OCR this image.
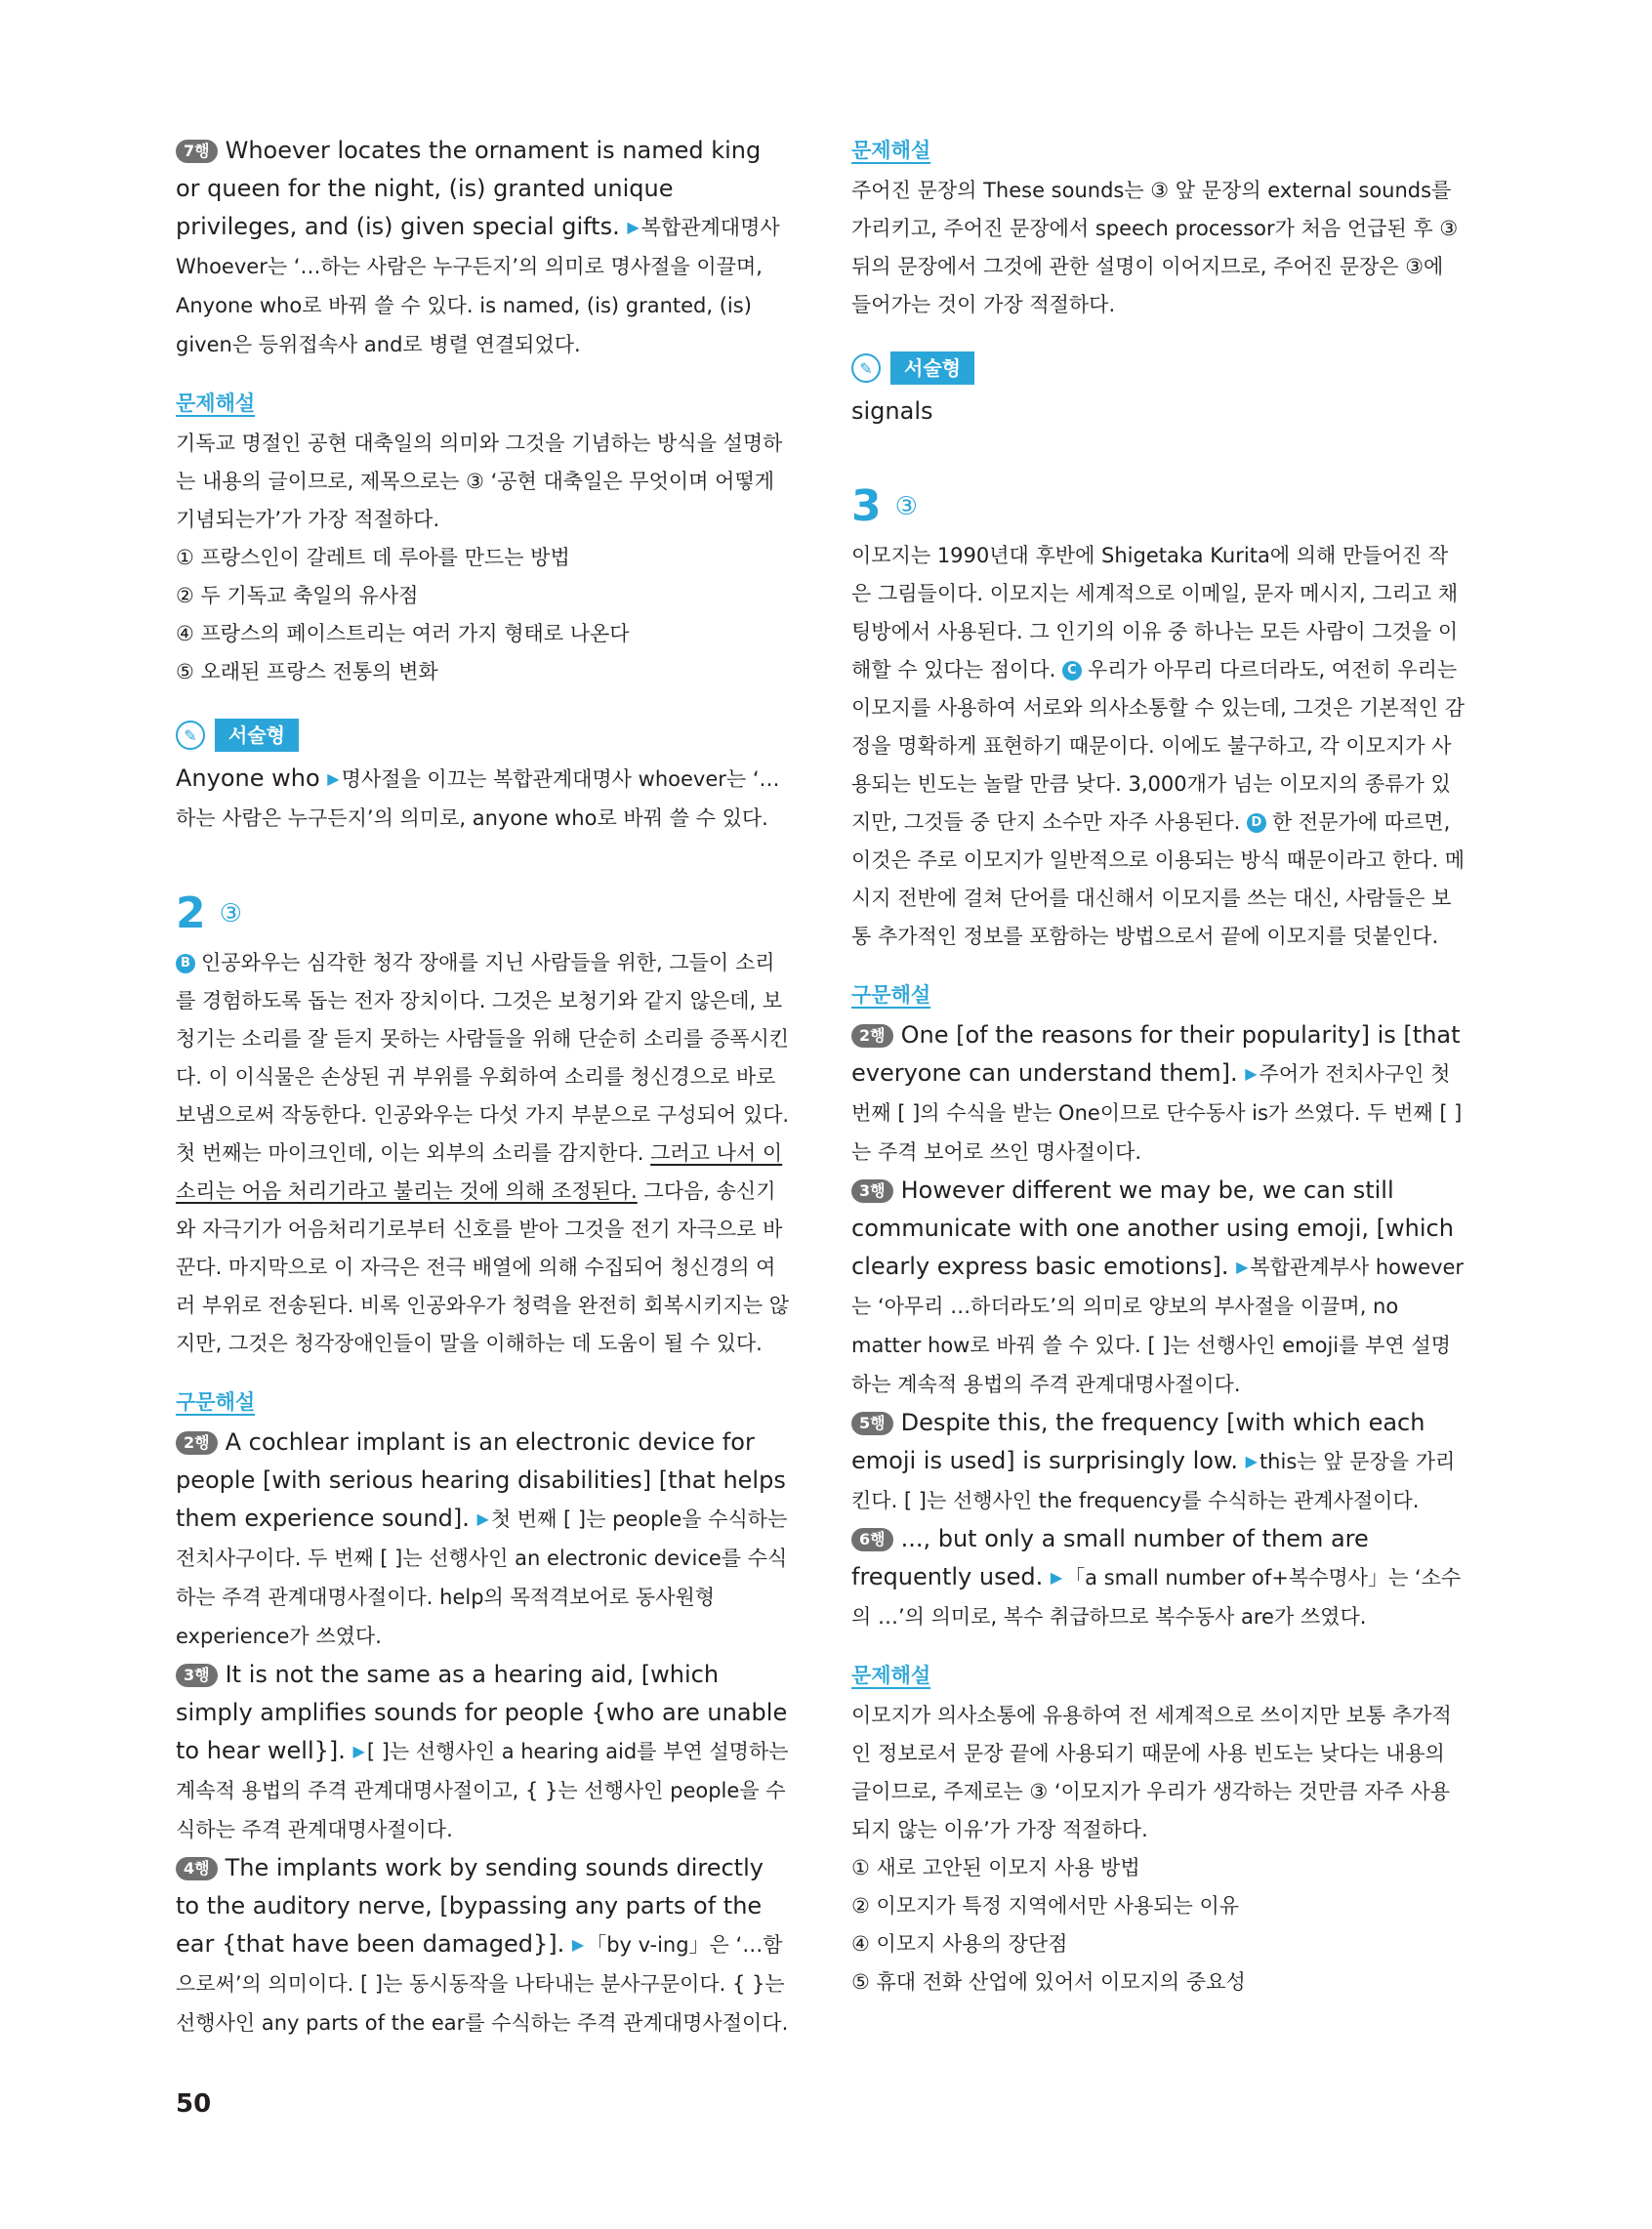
7행 Whoever locates the ornament is named king or queen for the night, (is) granted unique privileges, and (is) given special gifts. ▶복합관계대명사 Whoever는 ‘…하는 사람은 누구든지’의 의미로 명사절을 이끌며, Anyone who로 바꿔 쓸 수 있다. is named, (is) granted, (is) given은 등위접속사 and로 병렬 연결되었다.

문제해설

기독교 명절인 공현 대축일의 의미와 그것을 기념하는 방식을 설명하는 내용의 글이므로, 제목으로는 ③ ‘공현 대축일은 무엇이며 어떻게 기념되는가’가 가장 적절하다.

① 프랑스인이 갈레트 데 루아를 만드는 방법

② 두 기독교 축일의 유사점

④ 프랑스의 페이스트리는 여러 가지 형태로 나온다

⑤ 오래된 프랑스 전통의 변화

✎	서술형

Anyone who ▶명사절을 이끄는 복합관계대명사 whoever는 ‘…하는 사람은 누구든지’의 의미로, anyone who로 바꿔 쓸 수 있다.

2 ③

B 인공와우는 심각한 청각 장애를 지닌 사람들을 위한, 그들이 소리를 경험하도록 돕는 전자 장치이다. 그것은 보청기와 같지 않은데, 보청기는 소리를 잘 듣지 못하는 사람들을 위해 단순히 소리를 증폭시킨다. 이 이식물은 손상된 귀 부위를 우회하여 소리를 청신경으로 바로 보냄으로써 작동한다. 인공와우는 다섯 가지 부분으로 구성되어 있다. 첫 번째는 마이크인데, 이는 외부의 소리를 감지한다. 그러고 나서 이 소리는 어음 처리기라고 불리는 것에 의해 조정된다. 그다음, 송신기와 자극기가 어음처리기로부터 신호를 받아 그것을 전기 자극으로 바꾼다. 마지막으로 이 자극은 전극 배열에 의해 수집되어 청신경의 여러 부위로 전송된다. 비록 인공와우가 청력을 완전히 회복시키지는 않지만, 그것은 청각장애인들이 말을 이해하는 데 도움이 될 수 있다.

구문해설

2행 A cochlear implant is an electronic device for people [with serious hearing disabilities] [that helps them experience sound]. ▶첫 번째 [ ]는 people을 수식하는 전치사구이다. 두 번째 [ ]는 선행사인 an electronic device를 수식하는 주격 관계대명사절이다. help의 목적격보어로 동사원형 experience가 쓰였다.

3행 It is not the same as a hearing aid, [which simply amplifies sounds for people {who are unable to hear well}]. ▶[ ]는 선행사인 a hearing aid를 부연 설명하는 계속적 용법의 주격 관계대명사절이고, { }는 선행사인 people을 수식하는 주격 관계대명사절이다.

4행 The implants work by sending sounds directly to the auditory nerve, [bypassing any parts of the ear {that have been damaged}]. ▶「by v-ing」은 ‘…함으로써’의 의미이다. [ ]는 동시동작을 나타내는 분사구문이다. { }는 선행사인 any parts of the ear를 수식하는 주격 관계대명사절이다.

문제해설

주어진 문장의 These sounds는 ③ 앞 문장의 external sounds를 가리키고, 주어진 문장에서 speech processor가 처음 언급된 후 ③ 뒤의 문장에서 그것에 관한 설명이 이어지므로, 주어진 문장은 ③에 들어가는 것이 가장 적절하다.

✎	서술형

signals

3 ③

이모지는 1990년대 후반에 Shigetaka Kurita에 의해 만들어진 작은 그림들이다. 이모지는 세계적으로 이메일, 문자 메시지, 그리고 채팅방에서 사용된다. 그 인기의 이유 중 하나는 모든 사람이 그것을 이해할 수 있다는 점이다. C 우리가 아무리 다르더라도, 여전히 우리는 이모지를 사용하여 서로와 의사소통할 수 있는데, 그것은 기본적인 감정을 명확하게 표현하기 때문이다. 이에도 불구하고, 각 이모지가 사용되는 빈도는 놀랄 만큼 낮다. 3,000개가 넘는 이모지의 종류가 있지만, 그것들 중 단지 소수만 자주 사용된다. D 한 전문가에 따르면, 이것은 주로 이모지가 일반적으로 이용되는 방식 때문이라고 한다. 메시지 전반에 걸쳐 단어를 대신해서 이모지를 쓰는 대신, 사람들은 보통 추가적인 정보를 포함하는 방법으로서 끝에 이모지를 덧붙인다.

구문해설

2행 One [of the reasons for their popularity] is [that everyone can understand them]. ▶주어가 전치사구인 첫 번째 [ ]의 수식을 받는 One이므로 단수동사 is가 쓰였다. 두 번째 [ ]는 주격 보어로 쓰인 명사절이다.

3행 However different we may be, we can still communicate with one another using emoji, [which clearly express basic emotions]. ▶복합관계부사 however는 ‘아무리 …하더라도’의 의미로 양보의 부사절을 이끌며, no matter how로 바꿔 쓸 수 있다. [ ]는 선행사인 emoji를 부연 설명하는 계속적 용법의 주격 관계대명사절이다.

5행 Despite this, the frequency [with which each emoji is used] is surprisingly low. ▶this는 앞 문장을 가리킨다. [ ]는 선행사인 the frequency를 수식하는 관계사절이다.

6행 ..., but only a small number of them are frequently used. ▶「a small number of+복수명사」는 ‘소수의 …’의 의미로, 복수 취급하므로 복수동사 are가 쓰였다.

문제해설

이모지가 의사소통에 유용하여 전 세계적으로 쓰이지만 보통 추가적인 정보로서 문장 끝에 사용되기 때문에 사용 빈도는 낮다는 내용의 글이므로, 주제로는 ③ ‘이모지가 우리가 생각하는 것만큼 자주 사용되지 않는 이유’가 가장 적절하다.

① 새로 고안된 이모지 사용 방법

② 이모지가 특정 지역에서만 사용되는 이유

④ 이모지 사용의 장단점

⑤ 휴대 전화 산업에 있어서 이모지의 중요성

50
